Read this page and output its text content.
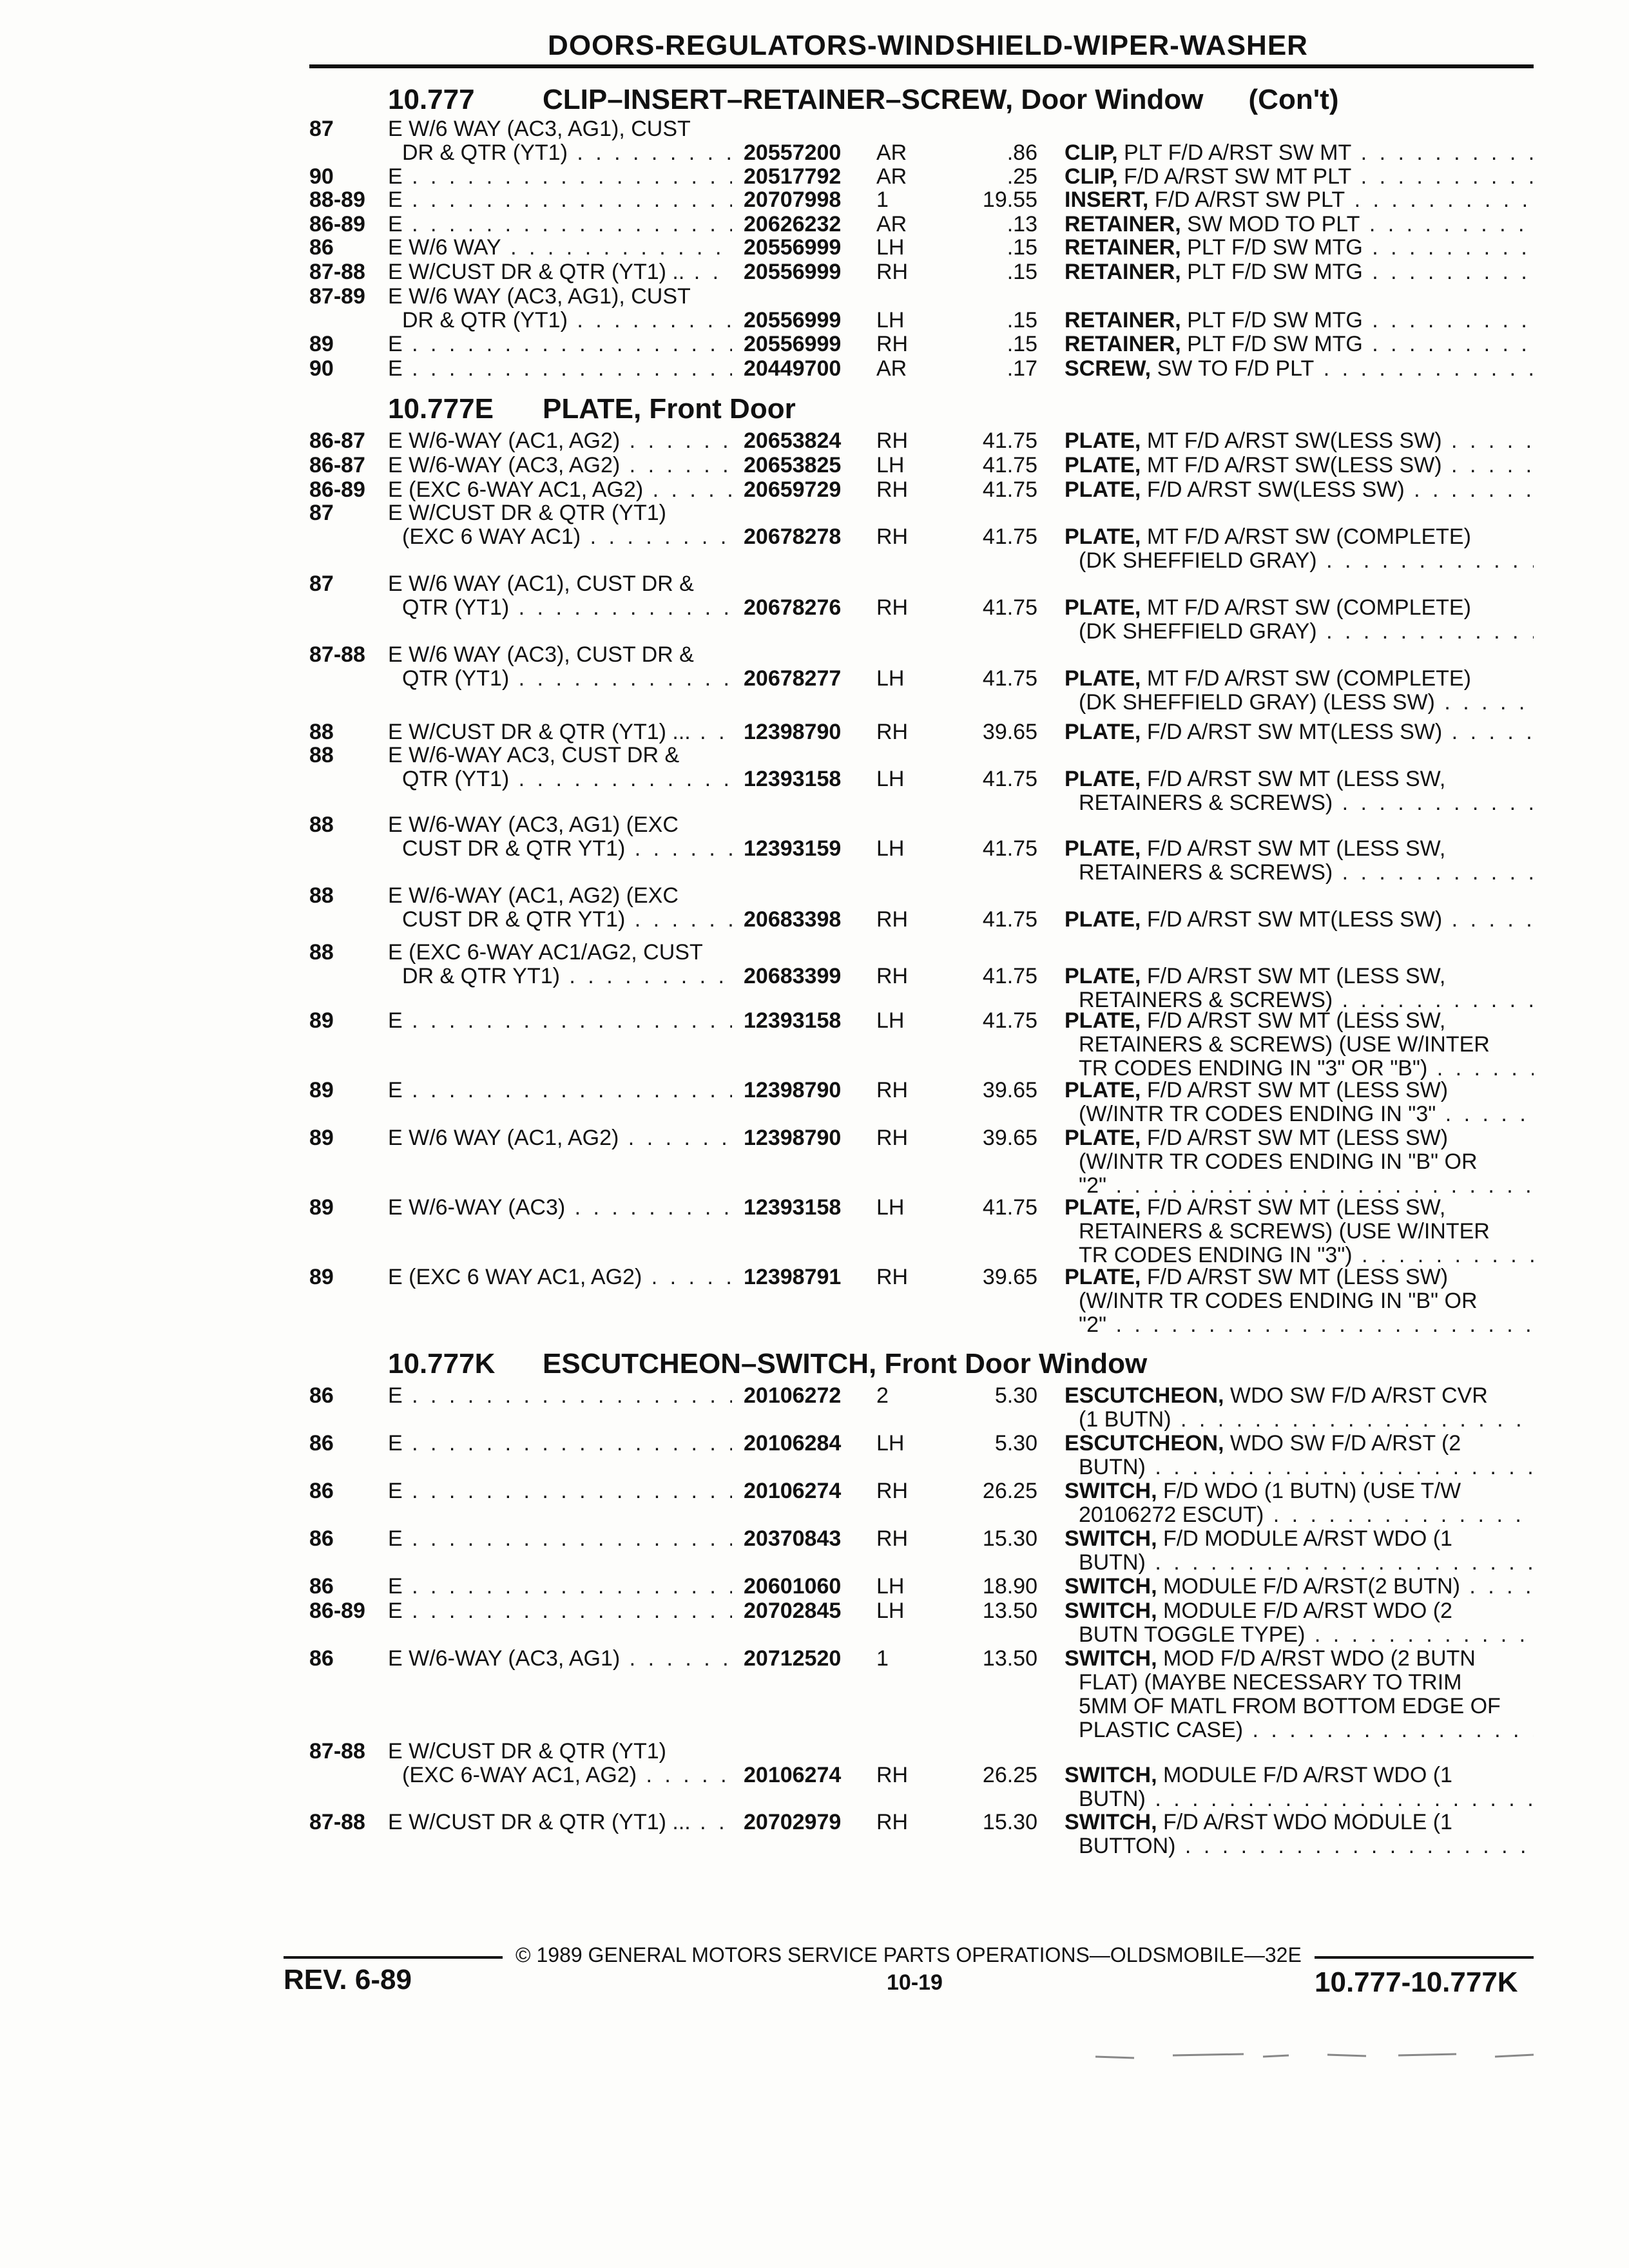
DOORS-REGULATORS-WINDSHIELD-WIPER-WASHER
10.777 CLIP–INSERT–RETAINER–SCREW, Door Window (Con't)
10.777E PLATE, Front Door
10.777K ESCUTCHEON–SWITCH, Front Door Window
87 E W/6 WAY (AC3, AG1), CUST
DR & QTR (YT1) . . .	20557200 AR	.86 CLIP, PLT F/D A/RST SW MT . . .
90 E . . .	20517792 AR	.25 CLIP, F/D A/RST SW MT PLT . . .
88-89 E . . .	20707998 1	19.55 INSERT, F/D A/RST SW PLT . . .
86-89 E . . .	20626232 AR	.13 RETAINER, SW MOD TO PLT . . .
86 E W/6 WAY . . .	20556999 LH	.15 RETAINER, PLT F/D SW MTG . . .
87-88 E W/CUST DR & QTR (YT1) .. . . .	20556999 RH	.15 RETAINER, PLT F/D SW MTG . . .
87-89 E W/6 WAY (AC3, AG1), CUST
DR & QTR (YT1) . . .	20556999 LH	.15 RETAINER, PLT F/D SW MTG . . .
89 E . . .	20556999 RH	.15 RETAINER, PLT F/D SW MTG . . .
90 E . . .	20449700 AR	.17 SCREW, SW TO F/D PLT . . .
86-87 E W/6-WAY (AC1, AG2) . . .	20653824 RH	41.75 PLATE, MT F/D A/RST SW(LESS SW) . . .
86-87 E W/6-WAY (AC3, AG2) . . .	20653825 LH	41.75 PLATE, MT F/D A/RST SW(LESS SW) . . .
86-89 E (EXC 6-WAY AC1, AG2) . . .	20659729 RH	41.75 PLATE, F/D A/RST SW(LESS SW) . . .
87 E W/CUST DR & QTR (YT1)
(EXC 6 WAY AC1) . . .	20678278 RH	41.75 PLATE, MT F/D A/RST SW (COMPLETE)
(DK SHEFFIELD GRAY) . . .
87 E W/6 WAY (AC1), CUST DR &
QTR (YT1) . . .	20678276 RH	41.75 PLATE, MT F/D A/RST SW (COMPLETE)
(DK SHEFFIELD GRAY) . . .
87-88 E W/6 WAY (AC3), CUST DR &
QTR (YT1) . . .	20678277 LH	41.75 PLATE, MT F/D A/RST SW (COMPLETE)
(DK SHEFFIELD GRAY) (LESS SW) . . .
88 E W/CUST DR & QTR (YT1) ... . . .	12398790 RH	39.65 PLATE, F/D A/RST SW MT(LESS SW) . . .
88 E W/6-WAY AC3, CUST DR &
QTR (YT1) . . .	12393158 LH	41.75 PLATE, F/D A/RST SW MT (LESS SW,
RETAINERS & SCREWS) . . .
88 E W/6-WAY (AC3, AG1) (EXC
CUST DR & QTR YT1) . . .	12393159 LH	41.75 PLATE, F/D A/RST SW MT (LESS SW,
RETAINERS & SCREWS) . . .
88 E W/6-WAY (AC1, AG2) (EXC
CUST DR & QTR YT1) . . .	20683398 RH	41.75 PLATE, F/D A/RST SW MT(LESS SW) . . .
88 E (EXC 6-WAY AC1/AG2, CUST
DR & QTR YT1) . . .	20683399 RH	41.75 PLATE, F/D A/RST SW MT (LESS SW,
RETAINERS & SCREWS) . . .
89 E . . .	12393158 LH	41.75 PLATE, F/D A/RST SW MT (LESS SW,
RETAINERS & SCREWS) (USE W/INTER
TR CODES ENDING IN "3" OR "B") . . .
89 E . . .	12398790 RH	39.65 PLATE, F/D A/RST SW MT (LESS SW)
(W/INTR TR CODES ENDING IN "3" . . .
89 E W/6 WAY (AC1, AG2) . . .	12398790 RH	39.65 PLATE, F/D A/RST SW MT (LESS SW)
(W/INTR TR CODES ENDING IN "B" OR
"2" . . .
89 E W/6-WAY (AC3) . . .	12393158 LH	41.75 PLATE, F/D A/RST SW MT (LESS SW,
RETAINERS & SCREWS) (USE W/INTER
TR CODES ENDING IN "3") . . .
89 E (EXC 6 WAY AC1, AG2) . . .	12398791 RH	39.65 PLATE, F/D A/RST SW MT (LESS SW)
(W/INTR TR CODES ENDING IN "B" OR
"2" . . .
86 E . . .	20106272 2	5.30 ESCUTCHEON, WDO SW F/D A/RST CVR
(1 BUTN) . . .
86 E . . .	20106284 LH	5.30 ESCUTCHEON, WDO SW F/D A/RST (2
BUTN) . . .
86 E . . .	20106274 RH	26.25 SWITCH, F/D WDO (1 BUTN) (USE T/W
20106272 ESCUT) . . .
86 E . . .	20370843 RH	15.30 SWITCH, F/D MODULE A/RST WDO (1
BUTN) . . .
86 E . . .	20601060 LH	18.90 SWITCH, MODULE F/D A/RST(2 BUTN) . . .
86-89 E . . .	20702845 LH	13.50 SWITCH, MODULE F/D A/RST WDO (2
BUTN TOGGLE TYPE) . . .
86 E W/6-WAY (AC3, AG1) . . .	20712520 1	13.50 SWITCH, MOD F/D A/RST WDO (2 BUTN
FLAT) (MAYBE NECESSARY TO TRIM
5MM OF MATL FROM BOTTOM EDGE OF
PLASTIC CASE) . . .
87-88 E W/CUST DR & QTR (YT1)
(EXC 6-WAY AC1, AG2) . . .	20106274 RH	26.25 SWITCH, MODULE F/D A/RST WDO (1
BUTN) . . .
87-88 E W/CUST DR & QTR (YT1) ... . . .	20702979 RH	15.30 SWITCH, F/D A/RST WDO MODULE (1
BUTTON) . . .
© 1989 GENERAL MOTORS SERVICE PARTS OPERATIONS—OLDSMOBILE—32E
REV. 6-89	10-19	10.777-10.777K
